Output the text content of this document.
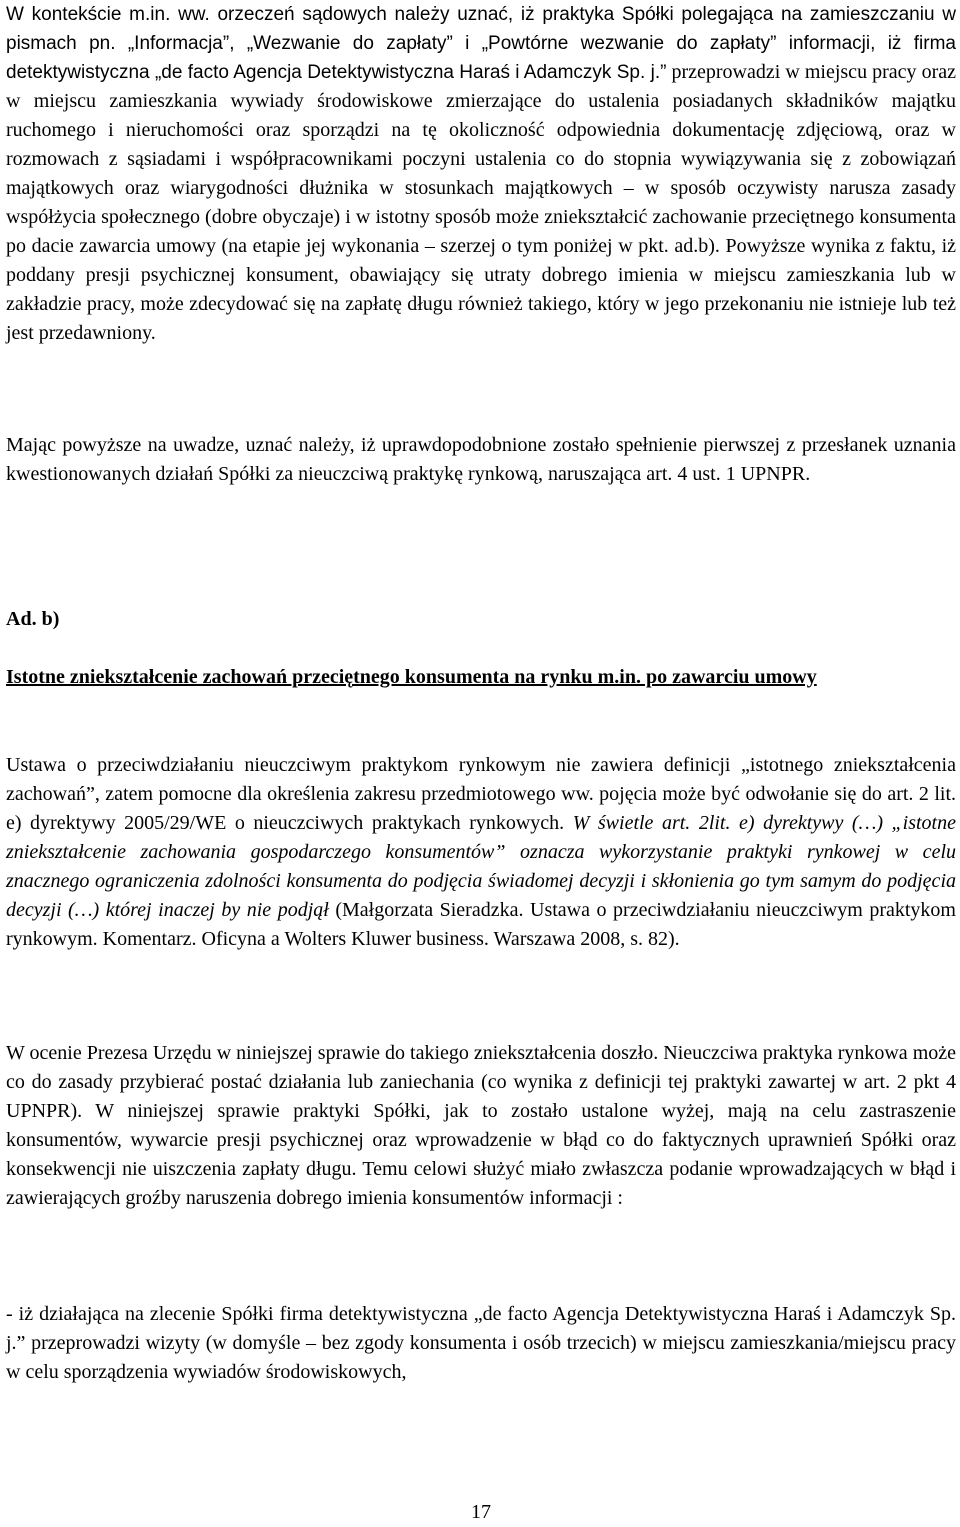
W kontekście m.in. ww. orzeczeń sądowych należy uznać, iż praktyka Spółki polegająca na zamieszczaniu w pismach pn. „Informacja”, „Wezwanie do zapłaty” i „Powtórne wezwanie do zapłaty” informacji, iż firma detektywistyczna „de facto Agencja Detektywistyczna Haraś i Adamczyk Sp. j.” przeprowadzi w miejscu pracy oraz w miejscu zamieszkania wywiady środowiskowe zmierzające do ustalenia posiadanych składników majątku ruchomego i nieruchomości oraz sporządzi na tę okoliczność odpowiednia dokumentację zdjęciową, oraz w rozmowach z sąsiadami i współpracownikami poczyni ustalenia co do stopnia wywiązywania się z zobowiązań majątkowych oraz wiarygodności dłużnika w stosunkach majątkowych – w sposób oczywisty narusza zasady współżycia społecznego (dobre obyczaje) i w istotny sposób może zniekształcić zachowanie przeciętnego konsumenta po dacie zawarcia umowy (na etapie jej wykonania – szerzej o tym poniżej w pkt. ad.b). Powyższe wynika z faktu, iż poddany presji psychicznej konsument, obawiający się utraty dobrego imienia w miejscu zamieszkania lub w zakładzie pracy, może zdecydować się na zapłatę długu również takiego, który w jego przekonaniu nie istnieje lub też jest przedawniony.

Mając powyższe na uwadze, uznać należy, iż uprawdopodobnione zostało spełnienie pierwszej z przesłanek uznania kwestionowanych działań Spółki za nieuczciwą praktykę rynkową, naruszająca art. 4 ust. 1 UPNPR.

Ad. b)

Istotne zniekształcenie zachowań przeciętnego konsumenta na rynku m.in. po zawarciu umowy

Ustawa o przeciwdziałaniu nieuczciwym praktykom rynkowym nie zawiera definicji „istotnego zniekształcenia zachowań”, zatem pomocne dla określenia zakresu przedmiotowego ww. pojęcia może być odwołanie się do art. 2 lit. e) dyrektywy 2005/29/WE o nieuczciwych praktykach rynkowych. W świetle art. 2lit. e) dyrektywy (…) „istotne zniekształcenie zachowania gospodarczego konsumentów” oznacza wykorzystanie praktyki rynkowej w celu znacznego ograniczenia zdolności konsumenta do podjęcia świadomej decyzji i skłonienia go tym samym do podjęcia decyzji (…) której inaczej by nie podjął (Małgorzata Sieradzka. Ustawa o przeciwdziałaniu nieuczciwym praktykom rynkowym. Komentarz. Oficyna a Wolters Kluwer business. Warszawa 2008, s. 82).

W ocenie Prezesa Urzędu w niniejszej sprawie do takiego zniekształcenia doszło. Nieuczciwa praktyka rynkowa może co do zasady przybierać postać działania lub zaniechania (co wynika z definicji tej praktyki zawartej w art. 2 pkt 4 UPNPR). W niniejszej sprawie praktyki Spółki, jak to zostało ustalone wyżej, mają na celu zastraszenie konsumentów, wywarcie presji psychicznej oraz wprowadzenie w błąd co do faktycznych uprawnień Spółki oraz konsekwencji nie uiszczenia zapłaty długu. Temu celowi służyć miało zwłaszcza podanie wprowadzających w błąd i zawierających groźby naruszenia dobrego imienia konsumentów informacji :

- iż działająca na zlecenie Spółki firma detektywistyczna „de facto Agencja Detektywistyczna Haraś i Adamczyk Sp. j.” przeprowadzi wizyty (w domyśle – bez zgody konsumenta i osób trzecich) w miejscu zamieszkania/miejscu pracy w celu sporządzenia wywiadów środowiskowych,

17
